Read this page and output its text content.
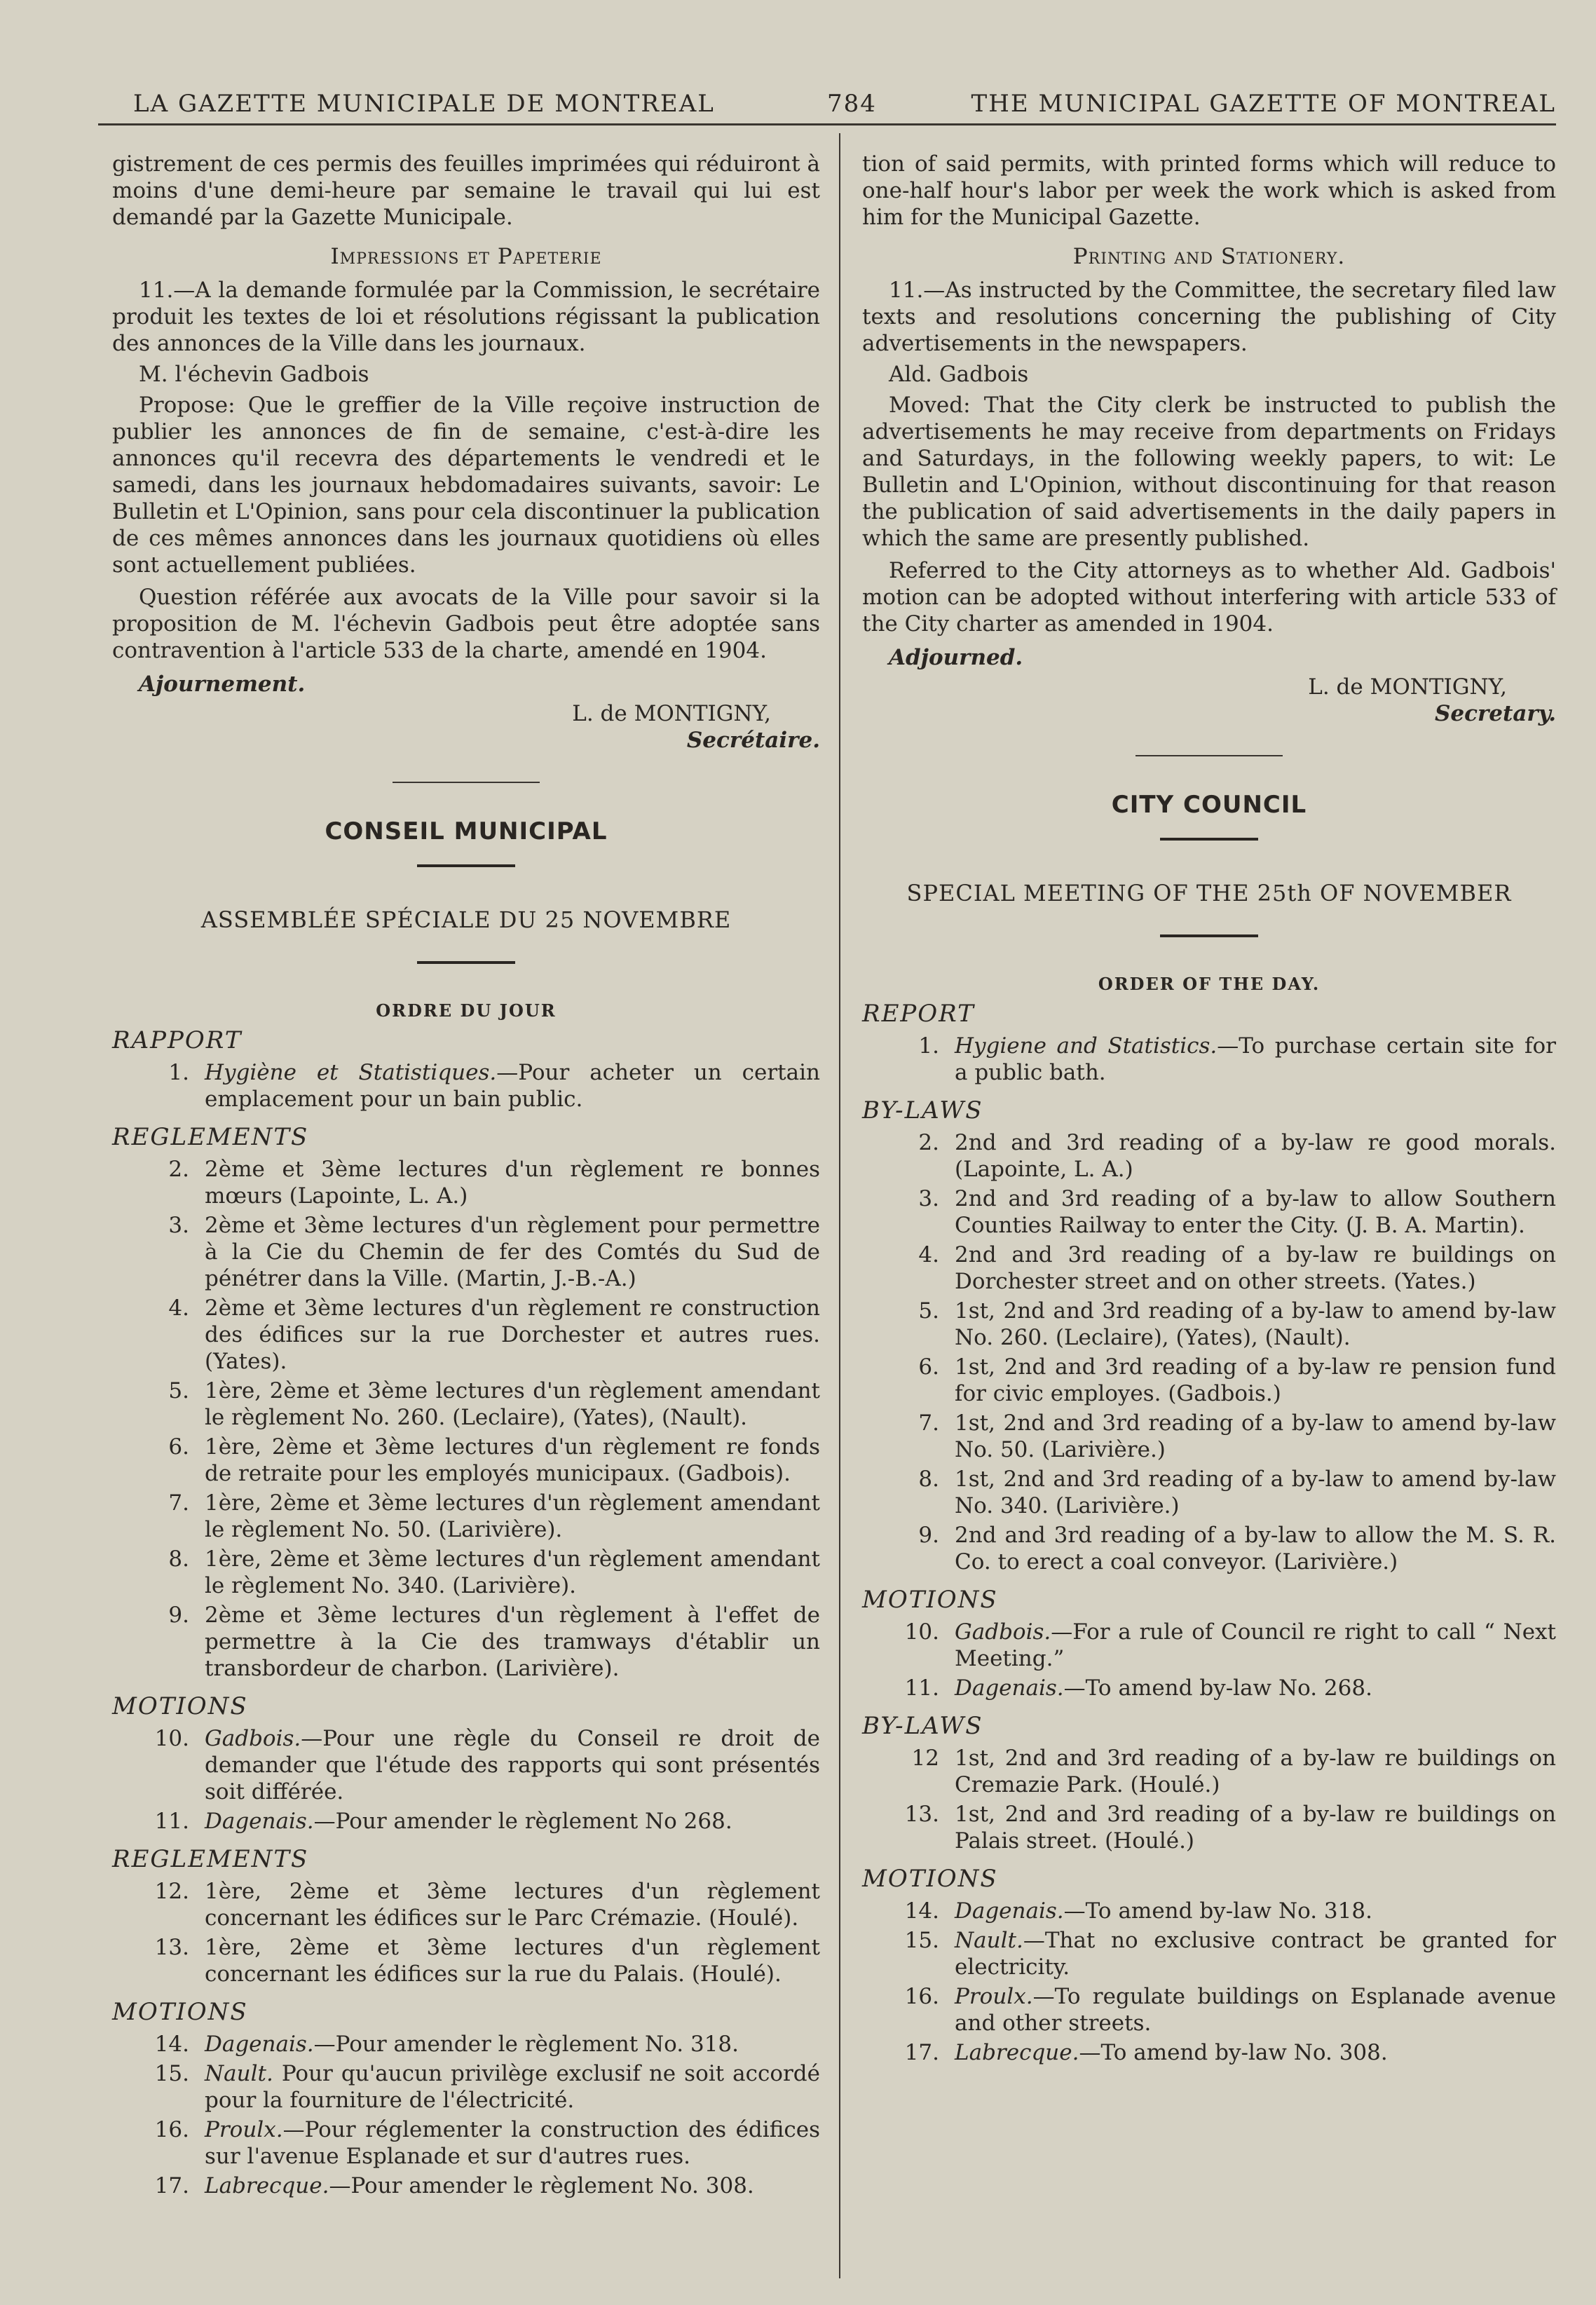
LA GAZETTE MUNICIPALE DE MONTREAL	784	THE MUNICIPAL GAZETTE OF MONTREAL

gistrement de ces permis des feuilles imprimées qui réduiront à moins d'une demi-heure par semaine le travail qui lui est demandé par la Gazette Municipale.

Impressions et Papeterie

11.—A la demande formulée par la Commission, le secrétaire produit les textes de loi et résolutions régissant la publication des annonces de la Ville dans les journaux.

M. l'échevin Gadbois

Propose: Que le greffier de la Ville reçoive instruction de publier les annonces de fin de semaine, c'est-à-dire les annonces qu'il recevra des départements le vendredi et le samedi, dans les journaux hebdomadaires suivants, savoir: Le Bulletin et L'Opinion, sans pour cela discontinuer la publication de ces mêmes annonces dans les journaux quotidiens où elles sont actuellement publiées.

Question référée aux avocats de la Ville pour savoir si la proposition de M. l'échevin Gadbois peut être adoptée sans contravention à l'article 533 de la charte, amendé en 1904.

Ajournement.

L. de MONTIGNY,

Secrétaire.

CONSEIL MUNICIPAL

ASSEMBLÉE SPÉCIALE DU 25 NOVEMBRE

ORDRE DU JOUR

RAPPORT

1. Hygiène et Statistiques.—Pour acheter un certain emplacement pour un bain public.

REGLEMENTS

2. 2ème et 3ème lectures d'un règlement re bonnes mœurs (Lapointe, L. A.)
3. 2ème et 3ème lectures d'un règlement pour permettre à la Cie du Chemin de fer des Comtés du Sud de pénétrer dans la Ville. (Martin, J.-B.-A.)
4. 2ème et 3ème lectures d'un règlement re construction des édifices sur la rue Dorchester et autres rues. (Yates).
5. 1ère, 2ème et 3ème lectures d'un règlement amendant le règlement No. 260. (Leclaire), (Yates), (Nault).
6. 1ère, 2ème et 3ème lectures d'un règlement re fonds de retraite pour les employés municipaux. (Gadbois).
7. 1ère, 2ème et 3ème lectures d'un règlement amendant le règlement No. 50. (Larivière).
8. 1ère, 2ème et 3ème lectures d'un règlement amendant le règlement No. 340. (Larivière).
9. 2ème et 3ème lectures d'un règlement à l'effet de permettre à la Cie des tramways d'établir un transbordeur de charbon. (Larivière).

MOTIONS

10. Gadbois.—Pour une règle du Conseil re droit de demander que l'étude des rapports qui sont présentés soit différée.
11. Dagenais.—Pour amender le règlement No 268.

REGLEMENTS

12. 1ère, 2ème et 3ème lectures d'un règlement concernant les édifices sur le Parc Crémazie. (Houlé).
13. 1ère, 2ème et 3ème lectures d'un règlement concernant les édifices sur la rue du Palais. (Houlé).

MOTIONS

14. Dagenais.—Pour amender le règlement No. 318.
15. Nault. Pour qu'aucun privilège exclusif ne soit accordé pour la fourniture de l'électricité.
16. Proulx.—Pour réglementer la construction des édifices sur l'avenue Esplanade et sur d'autres rues.
17. Labrecque.—Pour amender le règlement No. 308.

tion of said permits, with printed forms which will reduce to one-half hour's labor per week the work which is asked from him for the Municipal Gazette.

Printing and Stationery.

11.—As instructed by the Committee, the secretary filed law texts and resolutions concerning the publishing of City advertisements in the newspapers.

Ald. Gadbois

Moved: That the City clerk be instructed to publish the advertisements he may receive from departments on Fridays and Saturdays, in the following weekly papers, to wit: Le Bulletin and L'Opinion, without discontinuing for that reason the publication of said advertisements in the daily papers in which the same are presently published.

Referred to the City attorneys as to whether Ald. Gadbois' motion can be adopted without interfering with article 533 of the City charter as amended in 1904.

Adjourned.

L. de MONTIGNY,

Secretary.

CITY COUNCIL

SPECIAL MEETING OF THE 25th OF NOVEMBER

ORDER OF THE DAY.

REPORT

1. Hygiene and Statistics.—To purchase certain site for a public bath.

BY-LAWS

2. 2nd and 3rd reading of a by-law re good morals. (Lapointe, L. A.)
3. 2nd and 3rd reading of a by-law to allow Southern Counties Railway to enter the City. (J. B. A. Martin).
4. 2nd and 3rd reading of a by-law re buildings on Dorchester street and on other streets. (Yates.)
5. 1st, 2nd and 3rd reading of a by-law to amend by-law No. 260. (Leclaire), (Yates), (Nault).
6. 1st, 2nd and 3rd reading of a by-law re pension fund for civic employes. (Gadbois.)
7. 1st, 2nd and 3rd reading of a by-law to amend by-law No. 50. (Larivière.)
8. 1st, 2nd and 3rd reading of a by-law to amend by-law No. 340. (Larivière.)
9. 2nd and 3rd reading of a by-law to allow the M. S. R. Co. to erect a coal conveyor. (Larivière.)

MOTIONS

10. Gadbois.—For a rule of Council re right to call “ Next Meeting.”
11. Dagenais.—To amend by-law No. 268.

BY-LAWS

12 1st, 2nd and 3rd reading of a by-law re buildings on Cremazie Park. (Houlé.)
13. 1st, 2nd and 3rd reading of a by-law re buildings on Palais street. (Houlé.)

MOTIONS

14. Dagenais.—To amend by-law No. 318.
15. Nault.—That no exclusive contract be granted for electricity.
16. Proulx.—To regulate buildings on Esplanade avenue and other streets.
17. Labrecque.—To amend by-law No. 308.
